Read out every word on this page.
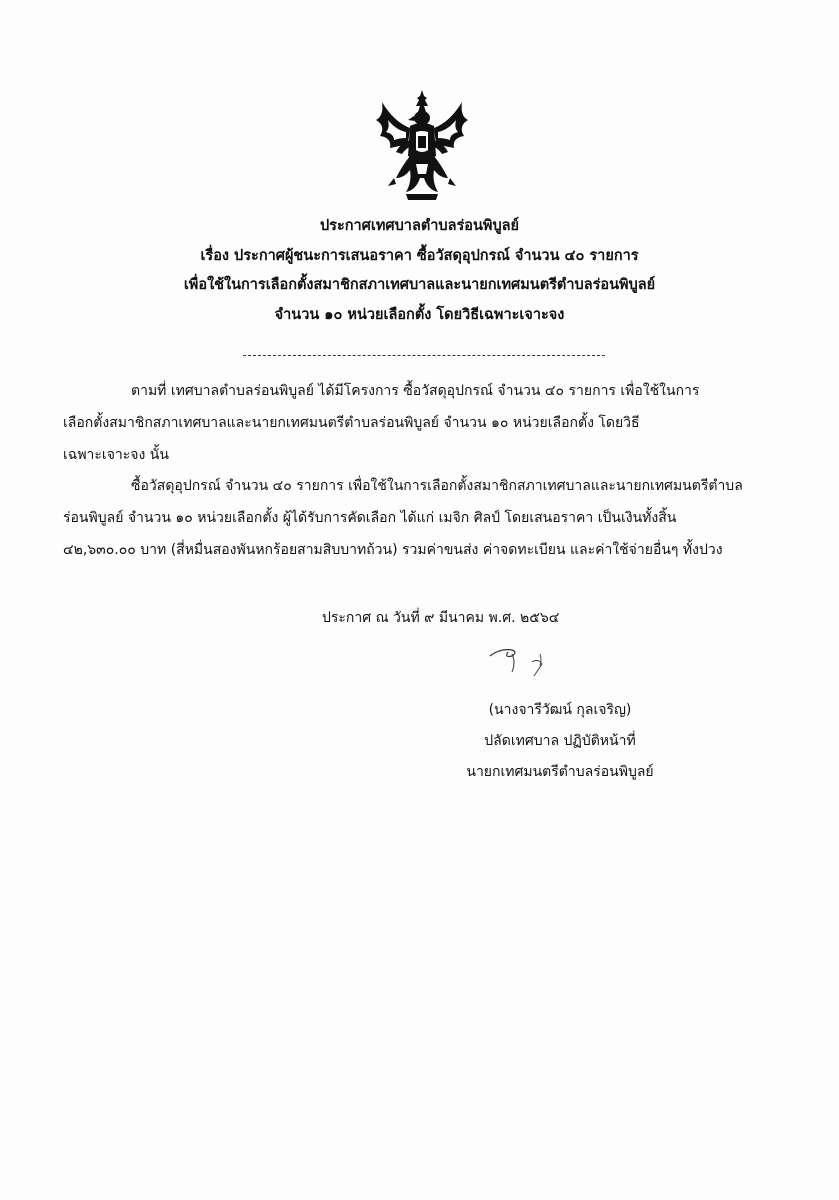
ประกาศเทศบาลตำบลร่อนพิบูลย์
เรื่อง ประกาศผู้ชนะการเสนอราคา ซื้อวัสดุอุปกรณ์ จำนวน ๔๐ รายการ
เพื่อใช้ในการเลือกตั้งสมาชิกสภาเทศบาลและนายกเทศมนตรีตำบลร่อนพิบูลย์
จำนวน ๑๐ หน่วยเลือกตั้ง โดยวิธีเฉพาะเจาะจง
ตามที่ เทศบาลตำบลร่อนพิบูลย์ ได้มีโครงการ ซื้อวัสดุอุปกรณ์ จำนวน ๔๐ รายการ เพื่อใช้ในการ
เลือกตั้งสมาชิกสภาเทศบาลและนายกเทศมนตรีตำบลร่อนพิบูลย์ จำนวน ๑๐ หน่วยเลือกตั้ง โดยวิธี
เฉพาะเจาะจง นั้น
ซื้อวัสดุอุปกรณ์ จำนวน ๔๐ รายการ เพื่อใช้ในการเลือกตั้งสมาชิกสภาเทศบาลและนายกเทศมนตรีตำบล
ร่อนพิบูลย์ จำนวน ๑๐ หน่วยเลือกตั้ง ผู้ได้รับการคัดเลือก ได้แก่ เมจิก ศิลป์ โดยเสนอราคา เป็นเงินทั้งสิ้น
๔๒,๖๓๐.๐๐ บาท (สี่หมื่นสองพันหกร้อยสามสิบบาทถ้วน) รวมค่าขนส่ง ค่าจดทะเบียน และค่าใช้จ่ายอื่นๆ ทั้งปวง
ประกาศ ณ วันที่ ๙ มีนาคม พ.ศ. ๒๕๖๔
(นางจารีวัฒน์ กุลเจริญ)
ปลัดเทศบาล ปฏิบัติหน้าที่
นายกเทศมนตรีตำบลร่อนพิบูลย์
